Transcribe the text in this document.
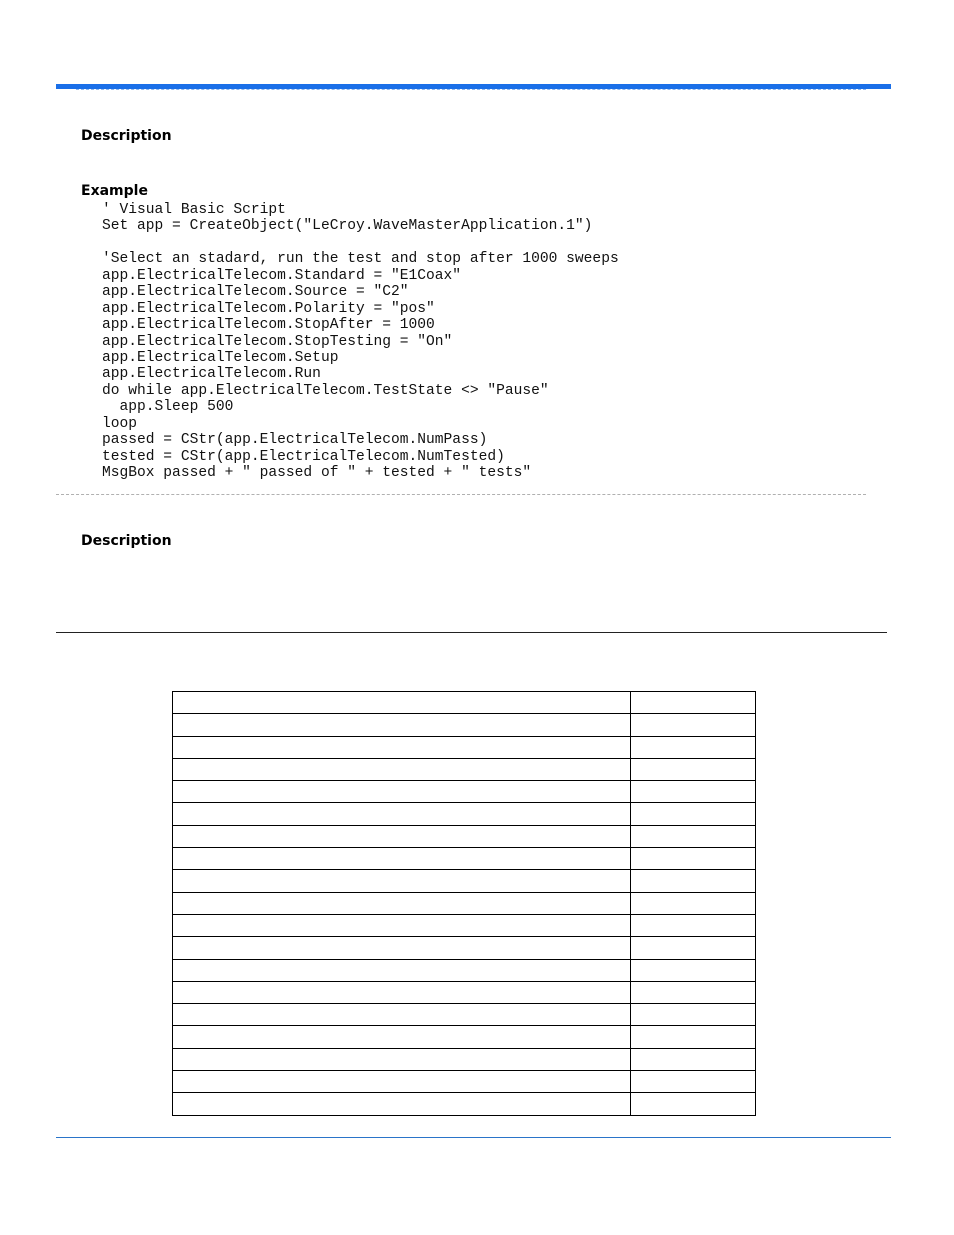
Description
Example
' Visual Basic Script
Set app = CreateObject("LeCroy.WaveMasterApplication.1")
'Select an stadard, run the test and stop after 1000 sweeps
app.ElectricalTelecom.Standard = "E1Coax"
app.ElectricalTelecom.Source = "C2"
app.ElectricalTelecom.Polarity = "pos"
app.ElectricalTelecom.StopAfter = 1000
app.ElectricalTelecom.StopTesting = "On"
app.ElectricalTelecom.Setup
app.ElectricalTelecom.Run
do while app.ElectricalTelecom.TestState <> "Pause"
app.Sleep 500
loop
passed = CStr(app.ElectricalTelecom.NumPass)
tested = CStr(app.ElectricalTelecom.NumTested)
MsgBox passed + " passed of " + tested + " tests"
Description
